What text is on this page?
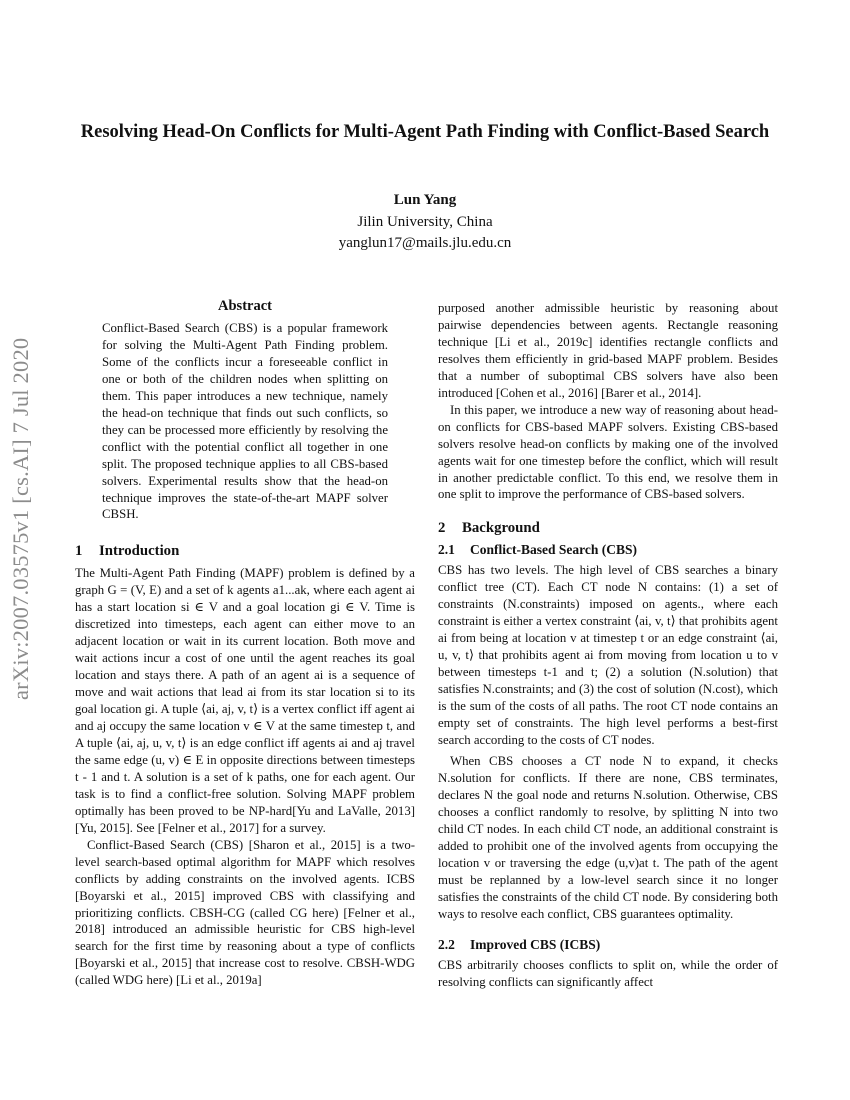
Resolving Head-On Conflicts for Multi-Agent Path Finding with Conflict-Based Search
Lun Yang
Jilin University, China
yanglun17@mails.jlu.edu.cn
arXiv:2007.03575v1 [cs.AI] 7 Jul 2020
Abstract

Conflict-Based Search (CBS) is a popular framework for solving the Multi-Agent Path Finding problem. Some of the conflicts incur a foreseeable conflict in one or both of the children nodes when splitting on them. This paper introduces a new technique, namely the head-on technique that finds out such conflicts, so they can be processed more efficiently by resolving the conflict with the potential conflict all together in one split. The proposed technique applies to all CBS-based solvers. Experimental results show that the head-on technique improves the state-of-the-art MAPF solver CBSH.

1 Introduction

The Multi-Agent Path Finding (MAPF) problem is defined by a graph G = (V, E) and a set of k agents a1...ak, where each agent ai has a start location si ∈ V and a goal location gi ∈ V. Time is discretized into timesteps, each agent can either move to an adjacent location or wait in its current location. Both move and wait actions incur a cost of one until the agent reaches its goal location and stays there. A path of an agent ai is a sequence of move and wait actions that lead ai from its star location si to its goal location gi. A tuple ⟨ai, aj, v, t⟩ is a vertex conflict iff agent ai and aj occupy the same location v ∈ V at the same timestep t, and A tuple ⟨ai, aj, u, v, t⟩ is an edge conflict iff agents ai and aj travel the same edge (u, v) ∈ E in opposite directions between timesteps t - 1 and t. A solution is a set of k paths, one for each agent. Our task is to find a conflict-free solution. Solving MAPF problem optimally has been proved to be NP-hard[Yu and LaValle, 2013][Yu, 2015]. See [Felner et al., 2017] for a survey.

Conflict-Based Search (CBS) [Sharon et al., 2015] is a two-level search-based optimal algorithm for MAPF which resolves conflicts by adding constraints on the involved agents. ICBS [Boyarski et al., 2015] improved CBS with classifying and prioritizing conflicts. CBSH-CG (called CG here) [Felner et al., 2018] introduced an admissible heuristic for CBS high-level search for the first time by reasoning about a type of conflicts [Boyarski et al., 2015] that increase cost to resolve. CBSH-WDG (called WDG here) [Li et al., 2019a]

purposed another admissible heuristic by reasoning about pairwise dependencies between agents. Rectangle reasoning technique [Li et al., 2019c] identifies rectangle conflicts and resolves them efficiently in grid-based MAPF problem. Besides that a number of suboptimal CBS solvers have also been introduced [Cohen et al., 2016] [Barer et al., 2014].

In this paper, we introduce a new way of reasoning about head-on conflicts for CBS-based MAPF solvers. Existing CBS-based solvers resolve head-on conflicts by making one of the involved agents wait for one timestep before the conflict, which will result in another predictable conflict. To this end, we resolve them in one split to improve the performance of CBS-based solvers.

2 Background
2.1 Conflict-Based Search (CBS)

CBS has two levels. The high level of CBS searches a binary conflict tree (CT). Each CT node N contains: (1) a set of constraints (N.constraints) imposed on agents., where each constraint is either a vertex constraint ⟨ai, v, t⟩ that prohibits agent ai from being at location v at timestep t or an edge constraint ⟨ai, u, v, t⟩ that prohibits agent ai from moving from location u to v between timesteps t-1 and t; (2) a solution (N.solution) that satisfies N.constraints; and (3) the cost of solution (N.cost), which is the sum of the costs of all paths. The root CT node contains an empty set of constraints. The high level performs a best-first search according to the costs of CT nodes.

When CBS chooses a CT node N to expand, it checks N.solution for conflicts. If there are none, CBS terminates, declares N the goal node and returns N.solution. Otherwise, CBS chooses a conflict randomly to resolve, by splitting N into two child CT nodes. In each child CT node, an additional constraint is added to prohibit one of the involved agents from occupying the location v or traversing the edge (u,v)at t. The path of the agent must be replanned by a low-level search since it no longer satisfies the constraints of the child CT node. By considering both ways to resolve each conflict, CBS guarantees optimality.

2.2 Improved CBS (ICBS)

CBS arbitrarily chooses conflicts to split on, while the order of resolving conflicts can significantly affect
